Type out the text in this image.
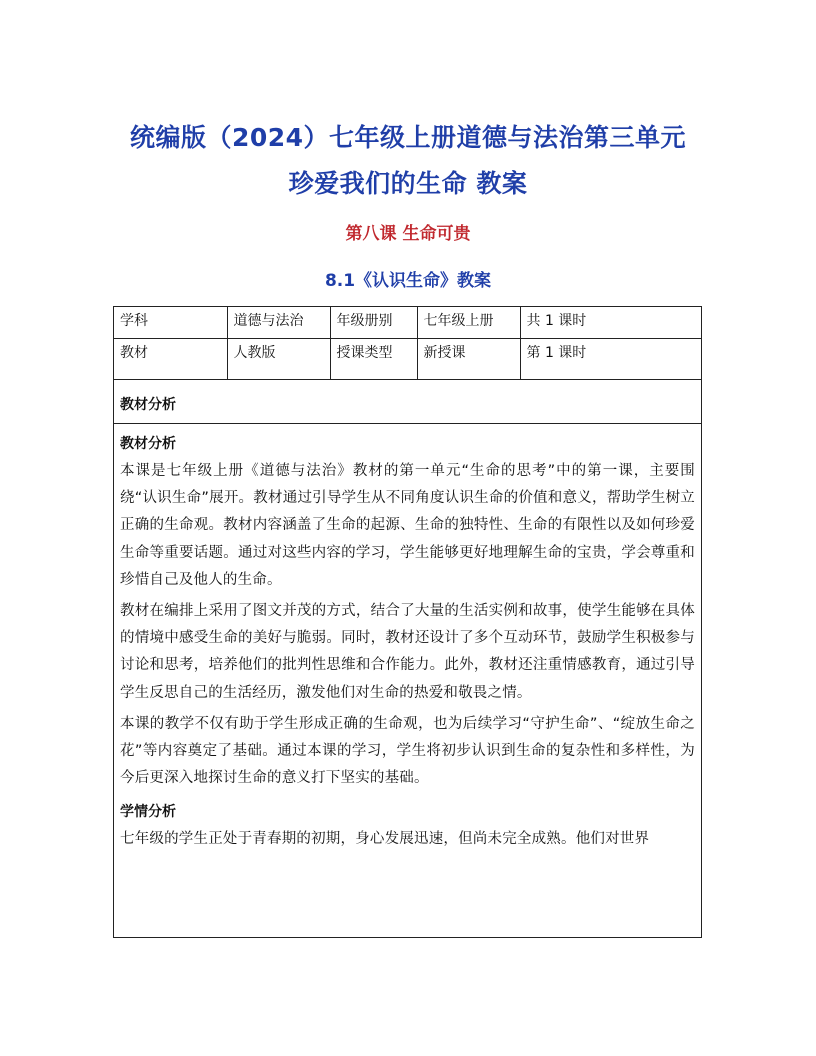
统编版（2024）七年级上册道德与法治第三单元
珍爱我们的生命 教案
第八课 生命可贵
8.1《认识生命》教案
学科	道德与法治	年级册别	七年级上册	共 1 课时
教材	人教版	授课类型	新授课	第 1 课时
教材分析
教材分析

本课是七年级上册《道德与法治》教材的第一单元“生命的思考”中的第一课，主要围绕“认识生命”展开。教材通过引导学生从不同角度认识生命的价值和意义，帮助学生树立正确的生命观。教材内容涵盖了生命的起源、生命的独特性、生命的有限性以及如何珍爱生命等重要话题。通过对这些内容的学习，学生能够更好地理解生命的宝贵，学会尊重和珍惜自己及他人的生命。

教材在编排上采用了图文并茂的方式，结合了大量的生活实例和故事，使学生能够在具体的情境中感受生命的美好与脆弱。同时，教材还设计了多个互动环节，鼓励学生积极参与讨论和思考，培养他们的批判性思维和合作能力。此外，教材还注重情感教育，通过引导学生反思自己的生活经历，激发他们对生命的热爱和敬畏之情。

本课的教学不仅有助于学生形成正确的生命观，也为后续学习“守护生命”、“绽放生命之花”等内容奠定了基础。通过本课的学习，学生将初步认识到生命的复杂性和多样性，为今后更深入地探讨生命的意义打下坚实的基础。

学情分析

七年级的学生正处于青春期的初期，身心发展迅速，但尚未完全成熟。他们对世界
